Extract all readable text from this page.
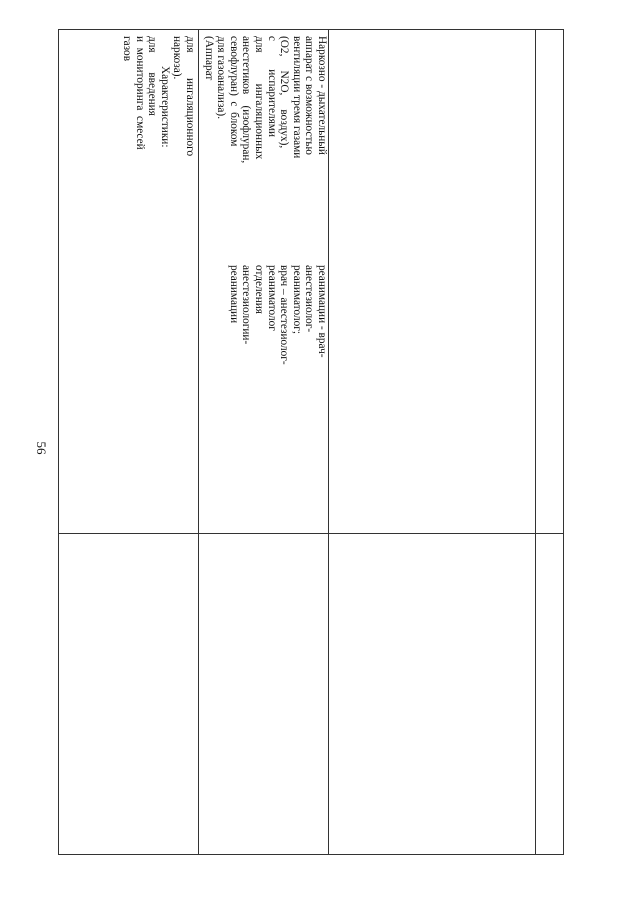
56
Наркозно - дыхательный
аппарат с возможностью
вентиляции тремя газами
(O2,     N2O,     воздух),
с          испарителями
для           ингаляционных
анестетиков    (изофлуран,
севофлуран)  с  блоком
для газоанализа).
(Аппарат
для         ингаляционного
наркоза).
Характеристики:
для       введения
и  мониторинга  смесей
газов
реанимации - врач-
анестезиолог-
реаниматолог;
врач – анестезиолог-
реаниматолог
отделения
анестезиологии-
реанимации
